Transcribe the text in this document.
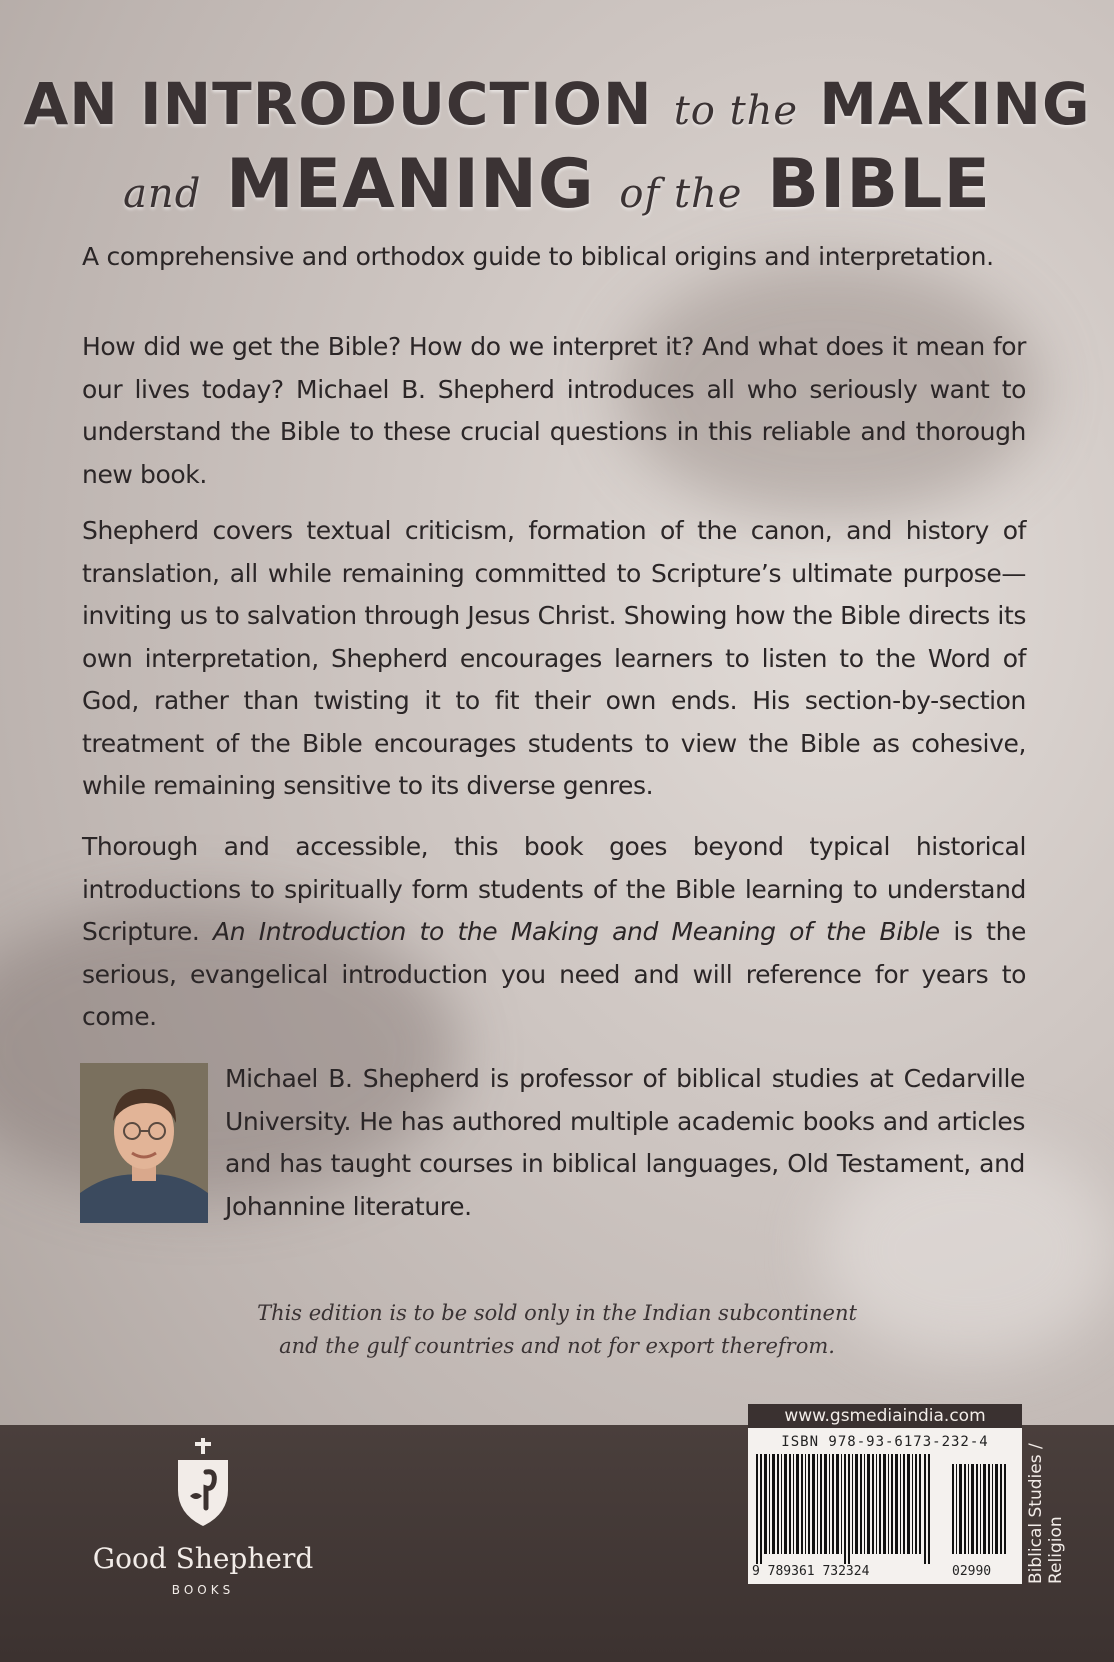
AN INTRODUCTION to the MAKING
and MEANING of the BIBLE
A comprehensive and orthodox guide to biblical origins and interpretation.

How did we get the Bible? How do we interpret it? And what does it mean for our lives today? Michael B. Shepherd introduces all who seriously want to understand the Bible to these crucial questions in this reliable and thorough new book.

Shepherd covers textual criticism, formation of the canon, and history of translation, all while remaining committed to Scripture’s ultimate purpose—inviting us to salvation through Jesus Christ. Showing how the Bible directs its own interpretation, Shepherd encourages learners to listen to the Word of God, rather than twisting it to fit their own ends. His section-by-section treatment of the Bible encourages students to view the Bible as cohesive, while remaining sensitive to its diverse genres.

Thorough and accessible, this book goes beyond typical historical introductions to spiritually form students of the Bible learning to understand Scripture. An Introduction to the Making and Meaning of the Bible is the serious, evangelical introduction you need and will reference for years to come.

Michael B. Shepherd is professor of biblical studies at Cedarville University. He has authored multiple academic books and articles and has taught courses in biblical languages, Old Testament, and Johannine literature.
This edition is to be sold only in the Indian subcontinent
and the gulf countries and not for export therefrom.
Good Shepherd
BOOKS
www.gsmediaindia.com
ISBN 978-93-6173-232-4
9 789361 732324	02990 Biblical Studies / Religion
